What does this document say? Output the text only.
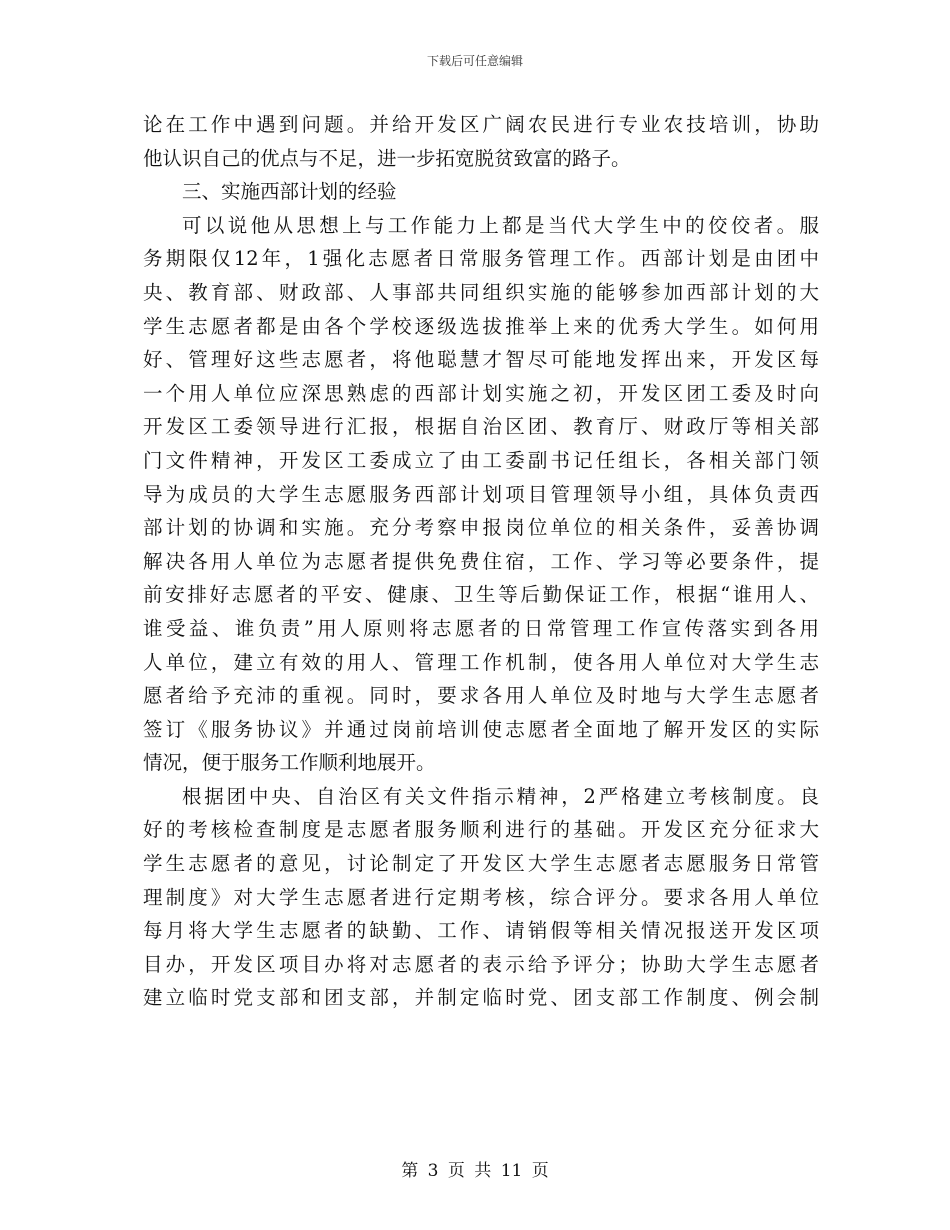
下载后可任意编辑
论在工作中遇到问题。并给开发区广阔农民进行专业农技培训，协助
他认识自己的优点与不足，进一步拓宽脱贫致富的路子。
三、实施西部计划的经验
可以说他从思想上与工作能力上都是当代大学生中的佼佼者。服
务期限仅12年，1强化志愿者日常服务管理工作。西部计划是由团中
央、教育部、财政部、人事部共同组织实施的能够参加西部计划的大
学生志愿者都是由各个学校逐级选拔推举上来的优秀大学生。如何用
好、管理好这些志愿者，将他聪慧才智尽可能地发挥出来，开发区每
一个用人单位应深思熟虑的西部计划实施之初，开发区团工委及时向
开发区工委领导进行汇报，根据自治区团、教育厅、财政厅等相关部
门文件精神，开发区工委成立了由工委副书记任组长，各相关部门领
导为成员的大学生志愿服务西部计划项目管理领导小组，具体负责西
部计划的协调和实施。充分考察申报岗位单位的相关条件，妥善协调
解决各用人单位为志愿者提供免费住宿，工作、学习等必要条件，提
前安排好志愿者的平安、健康、卫生等后勤保证工作，根据“谁用人、
谁受益、谁负责”用人原则将志愿者的日常管理工作宣传落实到各用
人单位，建立有效的用人、管理工作机制，使各用人单位对大学生志
愿者给予充沛的重视。同时，要求各用人单位及时地与大学生志愿者
签订《服务协议》并通过岗前培训使志愿者全面地了解开发区的实际
情况，便于服务工作顺利地展开。
根据团中央、自治区有关文件指示精神，2严格建立考核制度。良
好的考核检查制度是志愿者服务顺利进行的基础。开发区充分征求大
学生志愿者的意见，讨论制定了开发区大学生志愿者志愿服务日常管
理制度》对大学生志愿者进行定期考核，综合评分。要求各用人单位
每月将大学生志愿者的缺勤、工作、请销假等相关情况报送开发区项
目办，开发区项目办将对志愿者的表示给予评分；协助大学生志愿者
建立临时党支部和团支部，并制定临时党、团支部工作制度、例会制
第 3 页 共 11 页
